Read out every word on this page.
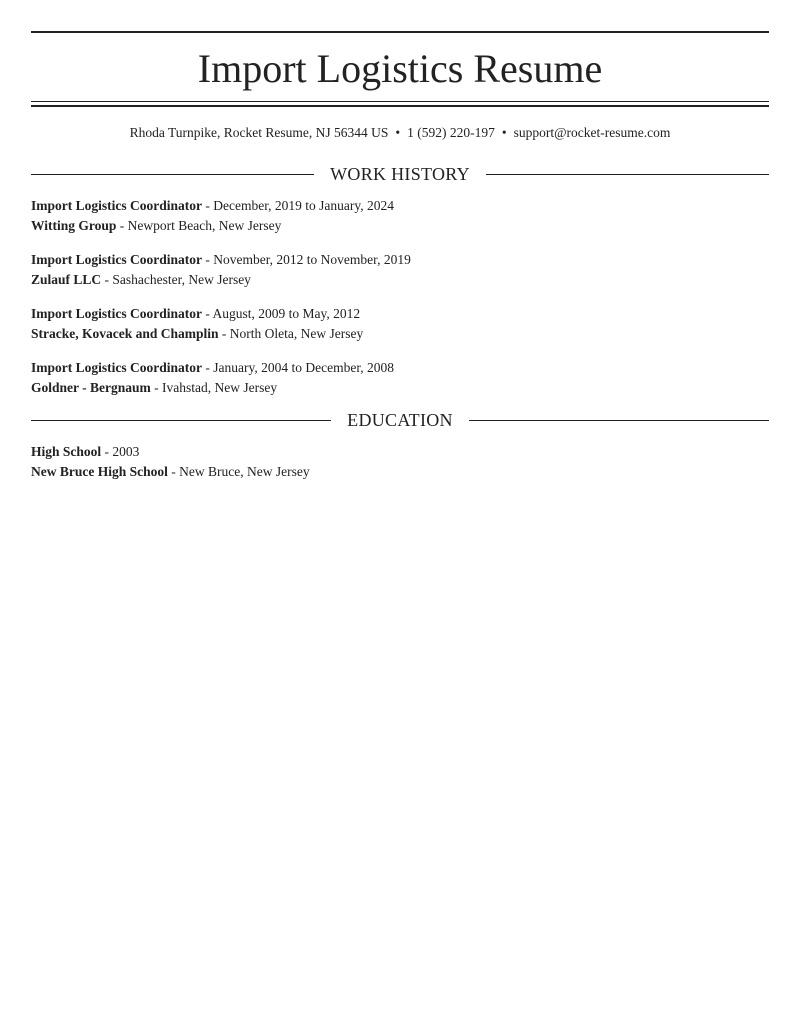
Import Logistics Resume
Rhoda Turnpike, Rocket Resume, NJ 56344 US • 1 (592) 220-197 • support@rocket-resume.com
WORK HISTORY
Import Logistics Coordinator - December, 2019 to January, 2024
Witting Group - Newport Beach, New Jersey
Import Logistics Coordinator - November, 2012 to November, 2019
Zulauf LLC - Sashachester, New Jersey
Import Logistics Coordinator - August, 2009 to May, 2012
Stracke, Kovacek and Champlin - North Oleta, New Jersey
Import Logistics Coordinator - January, 2004 to December, 2008
Goldner - Bergnaum - Ivahstad, New Jersey
EDUCATION
High School - 2003
New Bruce High School - New Bruce, New Jersey
